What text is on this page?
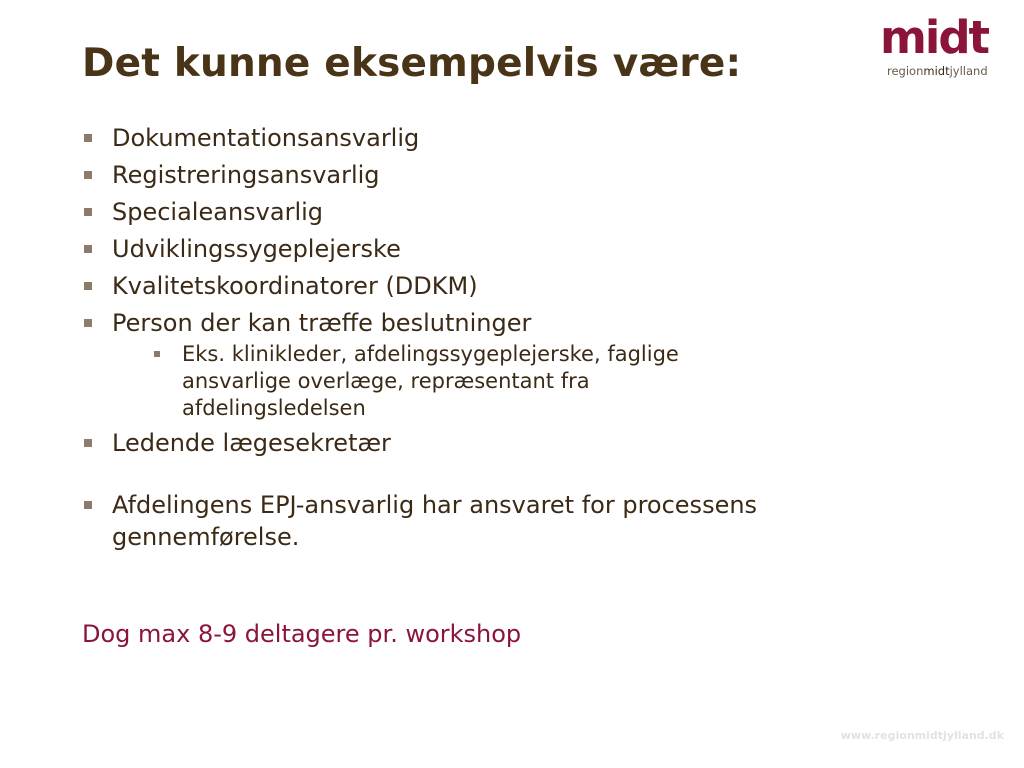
Det kunne eksempelvis være:	midt
regionmidtjylland
Dokumentationsansvarlig
Registreringsansvarlig
Specialeansvarlig
Udviklingssygeplejerske
Kvalitetskoordinatorer (DDKM)
Person der kan træffe beslutninger
Eks. klinikleder, afdelingssygeplejerske, faglige ansvarlige overlæge, repræsentant fra afdelingsledelsen
Ledende lægesekretær
Afdelingens EPJ-ansvarlig har ansvaret for processens gennemførelse.

Dog max 8-9 deltagere pr. workshop

www.regionmidtjylland.dk
